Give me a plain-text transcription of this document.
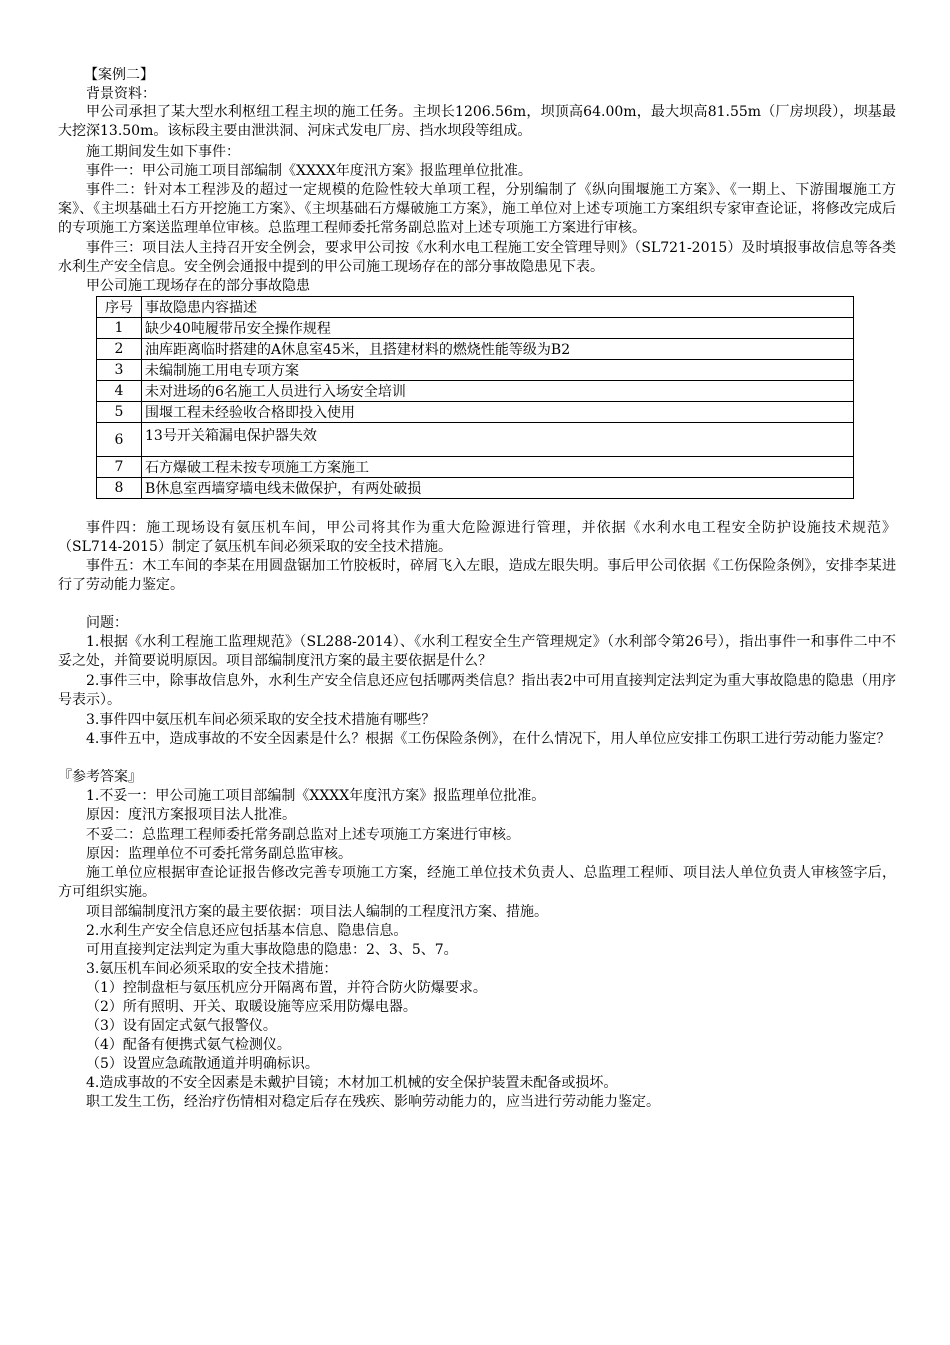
【案例二】
背景资料：
甲公司承担了某大型水利枢纽工程主坝的施工任务。主坝长1206.56m，坝顶高64.00m，最大坝高81.55m（厂房坝段），坝基最大挖深13.50m。该标段主要由泄洪洞、河床式发电厂房、挡水坝段等组成。
施工期间发生如下事件：
事件一：甲公司施工项目部编制《XXXX年度汛方案》报监理单位批准。
事件二：针对本工程涉及的超过一定规模的危险性较大单项工程，分别编制了《纵向围堰施工方案》、《一期上、下游围堰施工方案》、《主坝基础土石方开挖施工方案》、《主坝基础石方爆破施工方案》，施工单位对上述专项施工方案组织专家审查论证，将修改完成后的专项施工方案送监理单位审核。总监理工程师委托常务副总监对上述专项施工方案进行审核。
事件三：项目法人主持召开安全例会，要求甲公司按《水利水电工程施工安全管理导则》（SL721-2015）及时填报事故信息等各类水利生产安全信息。安全例会通报中提到的甲公司施工现场存在的部分事故隐患见下表。
甲公司施工现场存在的部分事故隐患
序号	事故隐患内容描述
1	缺少40吨履带吊安全操作规程
2	油库距离临时搭建的A休息室45米，且搭建材料的燃烧性能等级为B2
3	未编制施工用电专项方案
4	未对进场的6名施工人员进行入场安全培训
5	围堰工程未经验收合格即投入使用
6	13号开关箱漏电保护器失效
7	石方爆破工程未按专项施工方案施工
8	B休息室西墙穿墙电线未做保护，有两处破损
事件四：施工现场设有氨压机车间，甲公司将其作为重大危险源进行管理，并依据《水利水电工程安全防护设施技术规范》（SL714-2015）制定了氨压机车间必须采取的安全技术措施。
事件五：木工车间的李某在用圆盘锯加工竹胶板时，碎屑飞入左眼，造成左眼失明。事后甲公司依据《工伤保险条例》，安排李某进行了劳动能力鉴定。
问题：
1.根据《水利工程施工监理规范》（SL288-2014）、《水利工程安全生产管理规定》（水利部令第26号），指出事件一和事件二中不妥之处，并简要说明原因。项目部编制度汛方案的最主要依据是什么？
2.事件三中，除事故信息外，水利生产安全信息还应包括哪两类信息？指出表2中可用直接判定法判定为重大事故隐患的隐患（用序号表示）。
3.事件四中氨压机车间必须采取的安全技术措施有哪些？
4.事件五中，造成事故的不安全因素是什么？根据《工伤保险条例》，在什么情况下，用人单位应安排工伤职工进行劳动能力鉴定？
『参考答案』
1.不妥一：甲公司施工项目部编制《XXXX年度汛方案》报监理单位批准。
原因：度汛方案报项目法人批准。
不妥二：总监理工程师委托常务副总监对上述专项施工方案进行审核。
原因：监理单位不可委托常务副总监审核。
施工单位应根据审查论证报告修改完善专项施工方案，经施工单位技术负责人、总监理工程师、项目法人单位负责人审核签字后，方可组织实施。
项目部编制度汛方案的最主要依据：项目法人编制的工程度汛方案、措施。
2.水利生产安全信息还应包括基本信息、隐患信息。
可用直接判定法判定为重大事故隐患的隐患：2、3、5、7。
3.氨压机车间必须采取的安全技术措施：
（1）控制盘柜与氨压机应分开隔离布置，并符合防火防爆要求。
（2）所有照明、开关、取暖设施等应采用防爆电器。
（3）设有固定式氨气报警仪。
（4）配备有便携式氨气检测仪。
（5）设置应急疏散通道并明确标识。
4.造成事故的不安全因素是未戴护目镜；木材加工机械的安全保护装置未配备或损坏。
职工发生工伤，经治疗伤情相对稳定后存在残疾、影响劳动能力的，应当进行劳动能力鉴定。
